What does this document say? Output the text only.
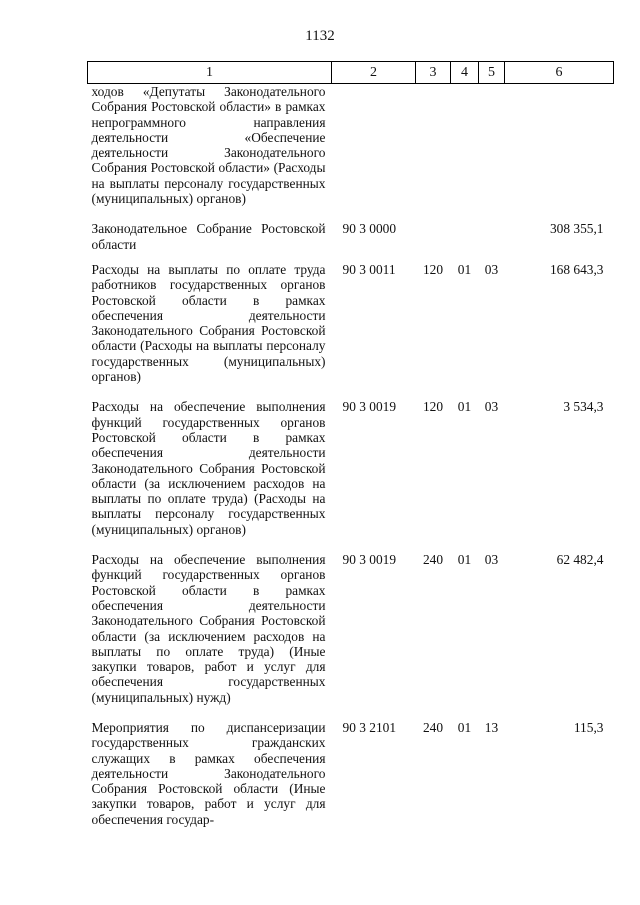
1132
1	2	3	4	5	6
ходов «Депутаты Законодательного Собрания Ростовской области» в рамках непрограммного направления деятельности «Обеспечение деятельности Законодательного Собрания Ростовской области» (Расходы на выплаты персоналу государственных (муниципальных) органов)					
Законодательное Собрание Ростовской области	90 3 0000				308 355,1
Расходы на выплаты по оплате труда работников государственных органов Ростовской области в рамках обеспечения деятельности Законодательного Собрания Ростовской области (Расходы на выплаты персоналу государственных (муниципальных) органов)	90 3 0011	120	01	03	168 643,3
Расходы на обеспечение выполнения функций государственных органов Ростовской области в рамках обеспечения деятельности Законодательного Собрания Ростовской области (за исключением расходов на выплаты по оплате труда) (Расходы на выплаты персоналу государственных (муниципальных) органов)	90 3 0019	120	01	03	3 534,3
Расходы на обеспечение выполнения функций государственных органов Ростовской области в рамках обеспечения деятельности Законодательного Собрания Ростовской области (за исключением расходов на выплаты по оплате труда) (Иные закупки товаров, работ и услуг для обеспечения государственных (муниципальных) нужд)	90 3 0019	240	01	03	62 482,4
Мероприятия по диспансеризации государственных гражданских служащих в рамках обеспечения деятельности Законодательного Собрания Ростовской области (Иные закупки товаров, работ и услуг для обеспечения государ-	90 3 2101	240	01	13	115,3
